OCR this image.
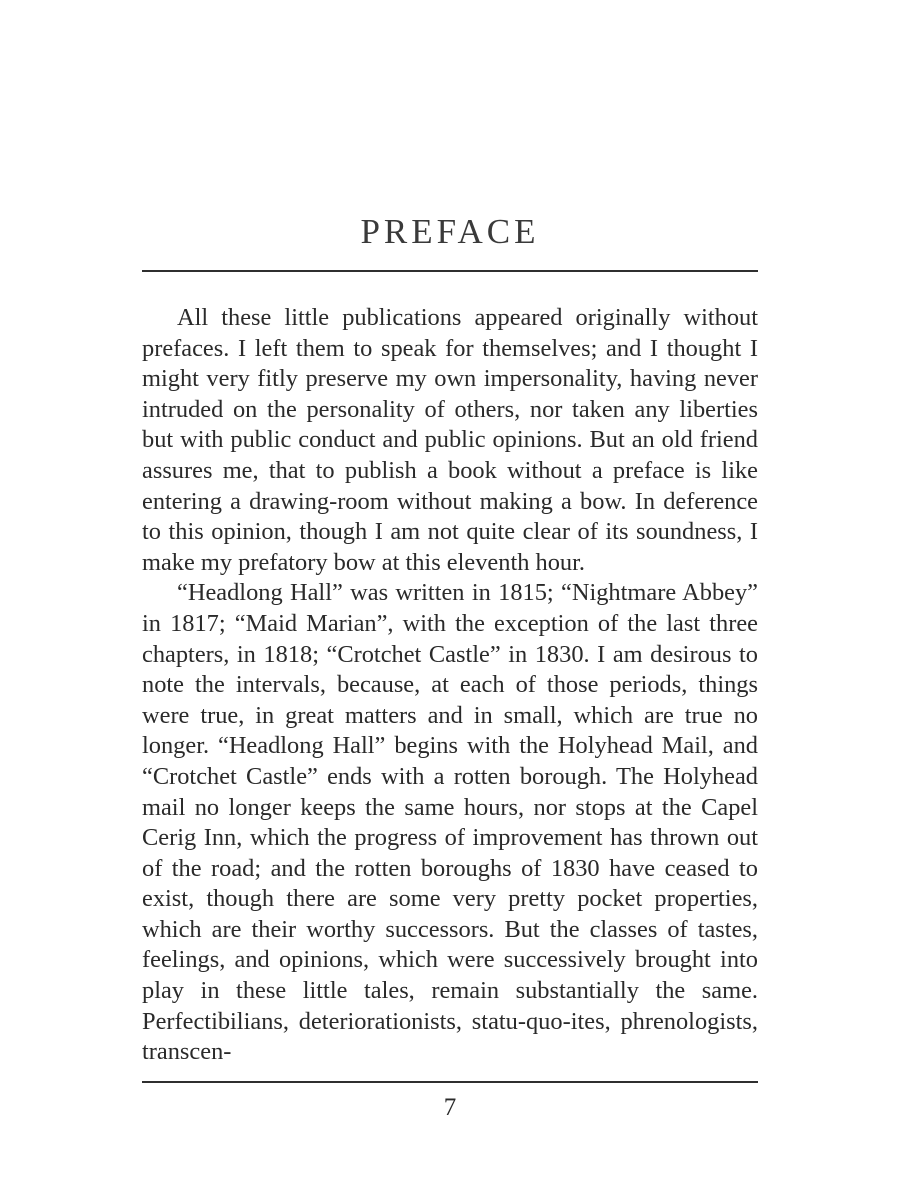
PREFACE

All these little publications appeared originally without prefaces. I left them to speak for themselves; and I thought I might very fitly preserve my own impersonality, having never intruded on the personality of others, nor taken any liberties but with public conduct and public opinions. But an old friend assures me, that to publish a book without a preface is like entering a drawing-room without making a bow. In deference to this opinion, though I am not quite clear of its soundness, I make my prefatory bow at this eleventh hour.

“Headlong Hall” was written in 1815; “Nightmare Abbey” in 1817; “Maid Marian”, with the exception of the last three chapters, in 1818; “Crotchet Castle” in 1830. I am desirous to note the intervals, because, at each of those periods, things were true, in great matters and in small, which are true no longer. “Headlong Hall” begins with the Holyhead Mail, and “Crotchet Castle” ends with a rotten borough. The Holyhead mail no longer keeps the same hours, nor stops at the Capel Cerig Inn, which the progress of improvement has thrown out of the road; and the rotten boroughs of 1830 have ceased to exist, though there are some very pretty pocket properties, which are their worthy successors. But the classes of tastes, feelings, and opinions, which were successively brought into play in these little tales, remain substantially the same. Perfectibilians, deteriorationists, statu-quo-ites, phrenologists, transcen-

7
